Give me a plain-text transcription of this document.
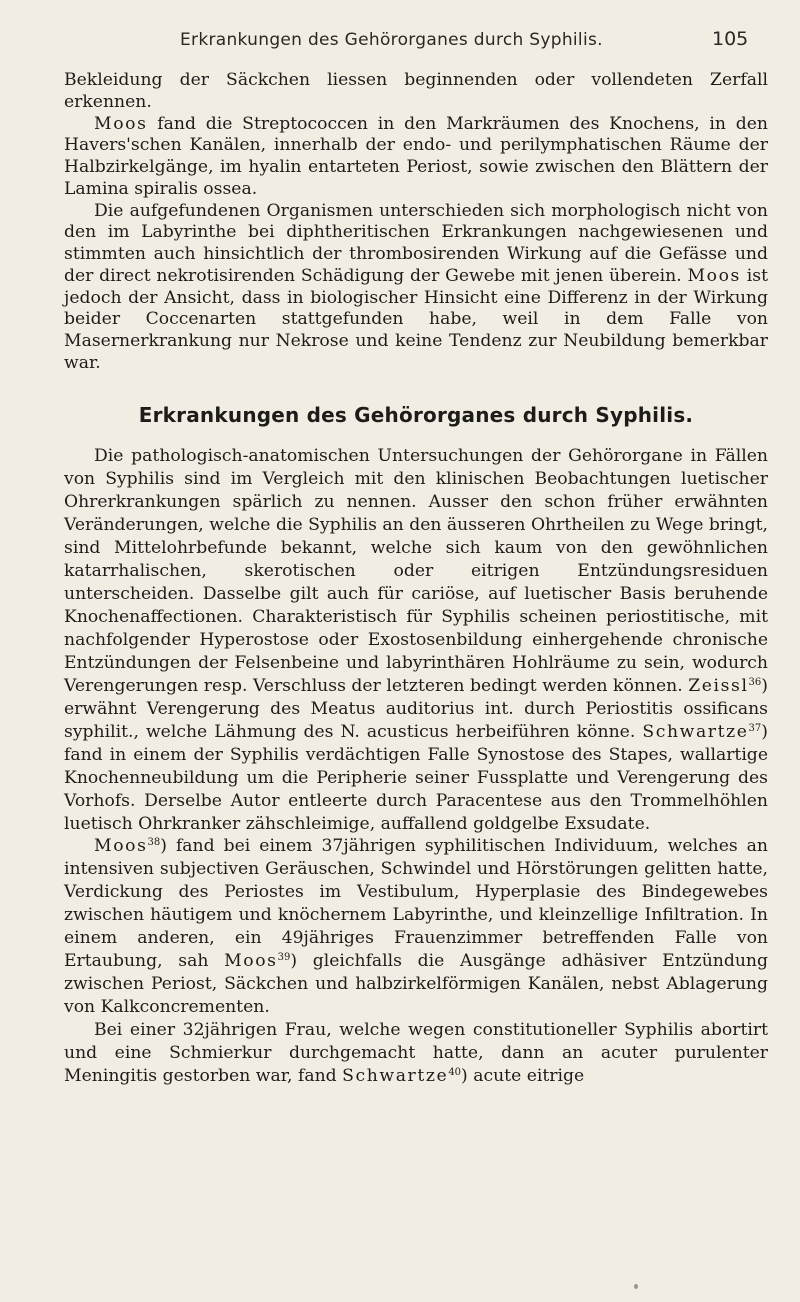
Erkrankungen des Gehörorganes durch Syphilis.	105

Bekleidung der Säckchen liessen beginnenden oder vollendeten Zerfall erkennen.

Moos fand die Streptococcen in den Markräumen des Knochens, in den Havers'schen Kanälen, innerhalb der endo- und perilymphatischen Räume der Halbzirkelgänge, im hyalin entarteten Periost, sowie zwischen den Blättern der Lamina spiralis ossea.

Die aufgefundenen Organismen unterschieden sich morphologisch nicht von den im Labyrinthe bei diphtheritischen Erkrankungen nachgewiesenen und stimmten auch hinsichtlich der thrombosirenden Wirkung auf die Gefässe und der direct nekrotisirenden Schädigung der Gewebe mit jenen überein. Moos ist jedoch der Ansicht, dass in biologischer Hinsicht eine Differenz in der Wirkung beider Coccenarten stattgefunden habe, weil in dem Falle von Masernerkrankung nur Nekrose und keine Tendenz zur Neubildung bemerkbar war.

Erkrankungen des Gehörorganes durch Syphilis.

Die pathologisch-anatomischen Untersuchungen der Gehörorgane in Fällen von Syphilis sind im Vergleich mit den klinischen Beobachtungen luetischer Ohrerkrankungen spärlich zu nennen. Ausser den schon früher erwähnten Veränderungen, welche die Syphilis an den äusseren Ohrtheilen zu Wege bringt, sind Mittelohrbefunde bekannt, welche sich kaum von den gewöhnlichen katarrhalischen, skerotischen oder eitrigen Entzündungsresiduen unterscheiden. Dasselbe gilt auch für cariöse, auf luetischer Basis beruhende Knochenaffectionen. Charakteristisch für Syphilis scheinen periostitische, mit nachfolgender Hyperostose oder Exostosenbildung einhergehende chronische Entzündungen der Felsenbeine und labyrinthären Hohlräume zu sein, wodurch Verengerungen resp. Verschluss der letzteren bedingt werden können. Zeissl$^{36}$) erwähnt Verengerung des Meatus auditorius int. durch Periostitis ossificans syphilit., welche Lähmung des N. acusticus herbeiführen könne. Schwartze$^{37}$) fand in einem der Syphilis verdächtigen Falle Synostose des Stapes, wallartige Knochenneubildung um die Peripherie seiner Fussplatte und Verengerung des Vorhofs. Derselbe Autor entleerte durch Paracentese aus den Trommelhöhlen luetisch Ohrkranker zähschleimige, auffallend goldgelbe Exsudate.

Moos$^{38}$) fand bei einem 37jährigen syphilitischen Individuum, welches an intensiven subjectiven Geräuschen, Schwindel und Hörstörungen gelitten hatte, Verdickung des Periostes im Vestibulum, Hyperplasie des Bindegewebes zwischen häutigem und knöchernem Labyrinthe, und kleinzellige Infiltration. In einem anderen, ein 49jähriges Frauenzimmer betreffenden Falle von Ertaubung, sah Moos$^{39}$) gleichfalls die Ausgänge adhäsiver Entzündung zwischen Periost, Säckchen und halbzirkelförmigen Kanälen, nebst Ablagerung von Kalkconcrementen.

Bei einer 32jährigen Frau, welche wegen constitutioneller Syphilis abortirt und eine Schmierkur durchgemacht hatte, dann an acuter purulenter Meningitis gestorben war, fand Schwartze$^{40}$) acute eitrige
